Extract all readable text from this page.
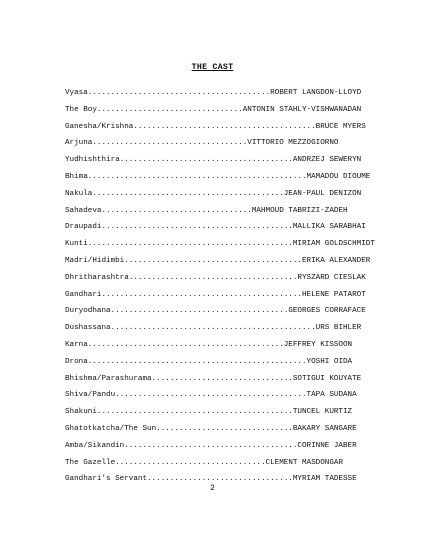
THE CAST
Vyasa........................................ROBERT LANGDON-LLOYD
The Boy................................ANTONIN STAHLY-VISHWANADAN
Ganesha/Krishna........................................BRUCE MYERS
Arjuna..................................VITTORIO MEZZOGIORNO
Yudhishthira......................................ANDRZEJ SEWERYN
Bhima................................................MAMADOU DIOUME
Nakula..........................................JEAN-PAUL DENIZON
Sahadeva.................................MAHMOUD TABRIZI-ZADEH
Draupadi..........................................MALLIKA SARABHAI
Kunti.............................................MIRIAM GOLDSCHMIDT
Madri/Hidimbi.......................................ERIKA ALEXANDER
Dhritharashtra.....................................RYSZARD CIESLAK
Gandhari............................................HELENE PATAROT
Duryodhana.......................................GEORGES CORRAFACE
Dushassana.............................................URS BIHLER
Karna...........................................JEFFREY KISSOON
Drona................................................YOSHI OIDA
Bhishma/Parashurama...............................SOTIGUI KOUYATE
Shiva/Pandu..........................................TAPA SUDANA
Shakuni...........................................TUNCEL KURTIZ
Ghatotkatcha/The Sun..............................BAKARY SANGARE
Amba/Sikandin......................................CORINNE JABER
The Gazelle.................................CLEMENT MASDONGAR
Gandhari's Servant................................MYRIAM TADESSE
2
